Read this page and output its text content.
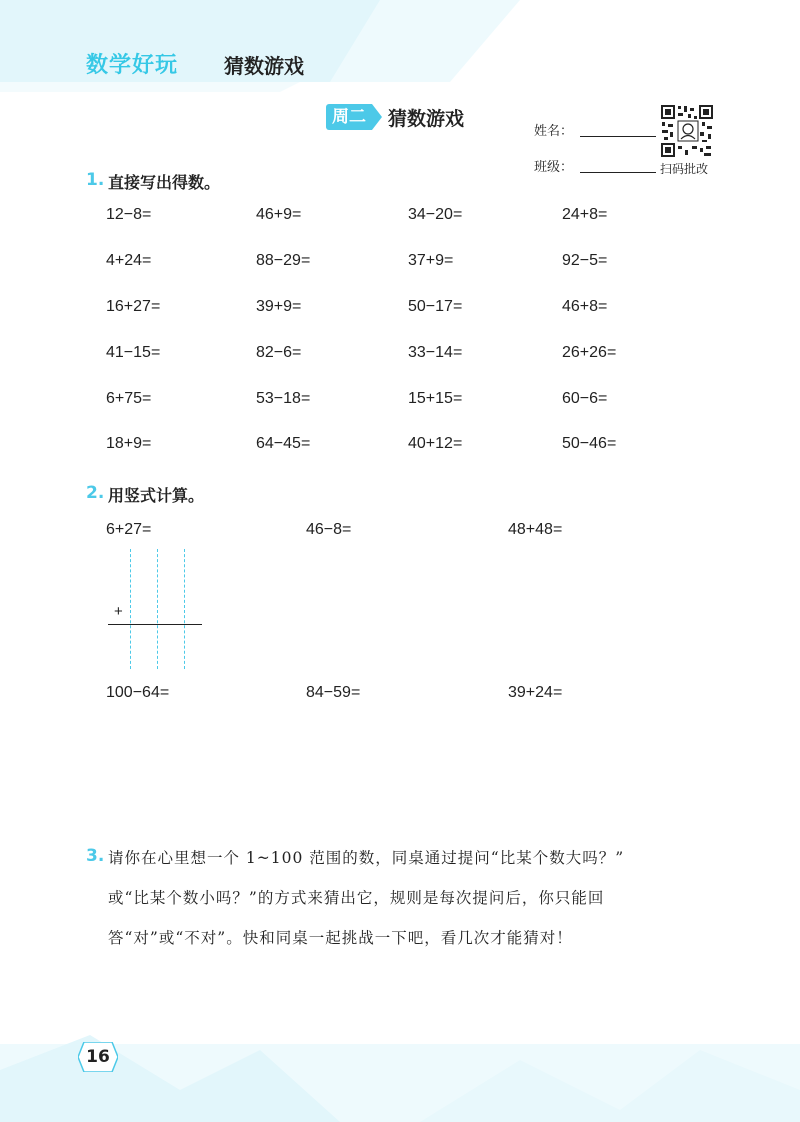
数学好玩 猜数游戏
周二	猜数游戏
姓名：
班级：	扫码批改
1. 直接写出得数。
12−8=	46+9=	34−20=	24+8=
4+24=	88−29=	37+9=	92−5=
16+27=	39+9=	50−17=	46+8=
41−15=	82−6=	33−14=	26+26=
6+75=	53−18=	15+15=	60−6=
18+9=	64−45=	40+12=	50−46=
2. 用竖式计算。
6+27=	46−8=	48+48=
+
100−64=	84−59=	39+24=
3. 请你在心里想一个 1~100 范围的数，同桌通过提问“比某个数大吗？”
或“比某个数小吗？”的方式来猜出它，规则是每次提问后，你只能回
答“对”或“不对”。快和同桌一起挑战一下吧，看几次才能猜对！
16
